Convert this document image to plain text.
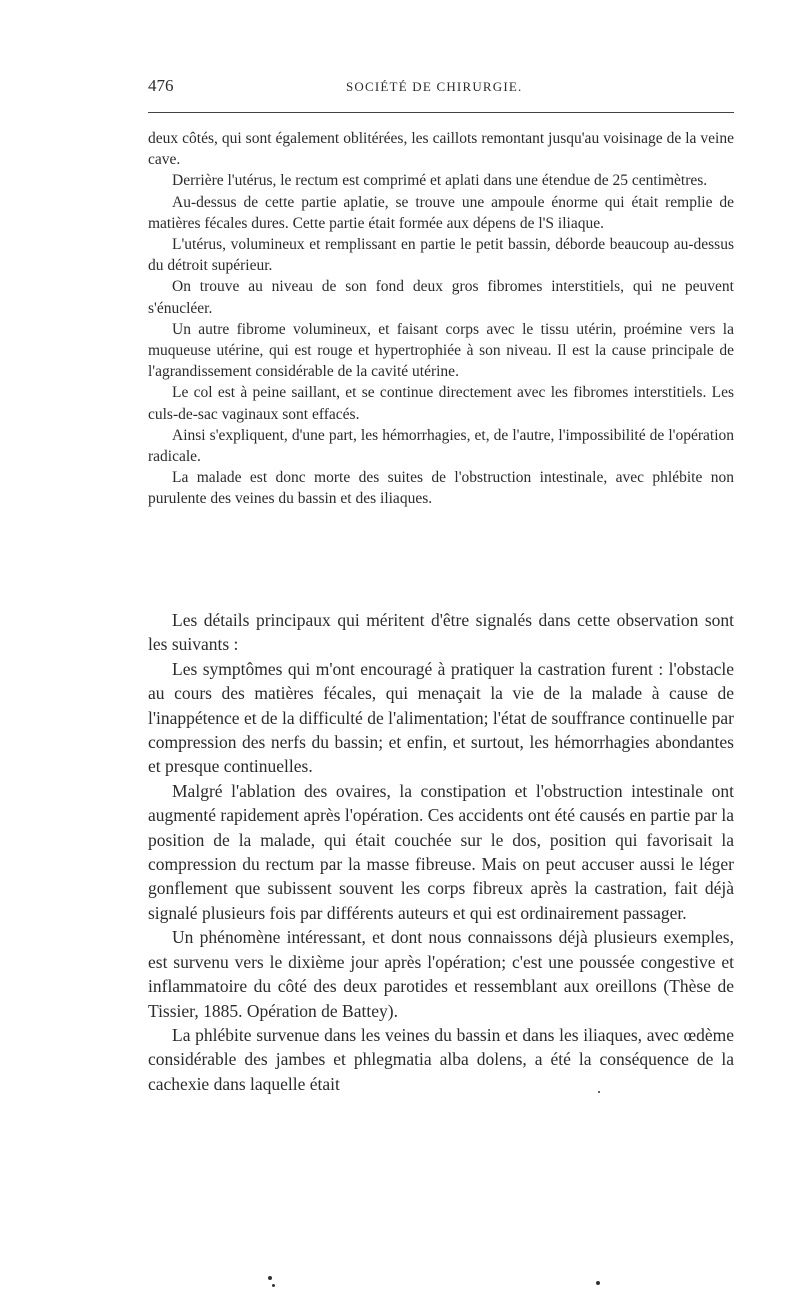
476	SOCIÉTÉ DE CHIRURGIE.

deux côtés, qui sont également oblitérées, les caillots remontant jusqu'au voisinage de la veine cave.

Derrière l'utérus, le rectum est comprimé et aplati dans une étendue de 25 centimètres.

Au-dessus de cette partie aplatie, se trouve une ampoule énorme qui était remplie de matières fécales dures. Cette partie était formée aux dépens de l'S iliaque.

L'utérus, volumineux et remplissant en partie le petit bassin, déborde beaucoup au-dessus du détroit supérieur.

On trouve au niveau de son fond deux gros fibromes interstitiels, qui ne peuvent s'énucléer.

Un autre fibrome volumineux, et faisant corps avec le tissu utérin, proémine vers la muqueuse utérine, qui est rouge et hypertrophiée à son niveau. Il est la cause principale de l'agrandissement considérable de la cavité utérine.

Le col est à peine saillant, et se continue directement avec les fibromes interstitiels. Les culs-de-sac vaginaux sont effacés.

Ainsi s'expliquent, d'une part, les hémorrhagies, et, de l'autre, l'impossibilité de l'opération radicale.

La malade est donc morte des suites de l'obstruction intestinale, avec phlébite non purulente des veines du bassin et des iliaques.

Les détails principaux qui méritent d'être signalés dans cette observation sont les suivants :

Les symptômes qui m'ont encouragé à pratiquer la castration furent : l'obstacle au cours des matières fécales, qui menaçait la vie de la malade à cause de l'inappétence et de la difficulté de l'alimentation; l'état de souffrance continuelle par compression des nerfs du bassin; et enfin, et surtout, les hémorrhagies abondantes et presque continuelles.

Malgré l'ablation des ovaires, la constipation et l'obstruction intestinale ont augmenté rapidement après l'opération. Ces accidents ont été causés en partie par la position de la malade, qui était couchée sur le dos, position qui favorisait la compression du rectum par la masse fibreuse. Mais on peut accuser aussi le léger gonflement que subissent souvent les corps fibreux après la castration, fait déjà signalé plusieurs fois par différents auteurs et qui est ordinairement passager.

Un phénomène intéressant, et dont nous connaissons déjà plusieurs exemples, est survenu vers le dixième jour après l'opération; c'est une poussée congestive et inflammatoire du côté des deux parotides et ressemblant aux oreillons (Thèse de Tissier, 1885. Opération de Battey).

La phlébite survenue dans les veines du bassin et dans les iliaques, avec œdème considérable des jambes et phlegmatia alba dolens, a été la conséquence de la cachexie dans laquelle était
